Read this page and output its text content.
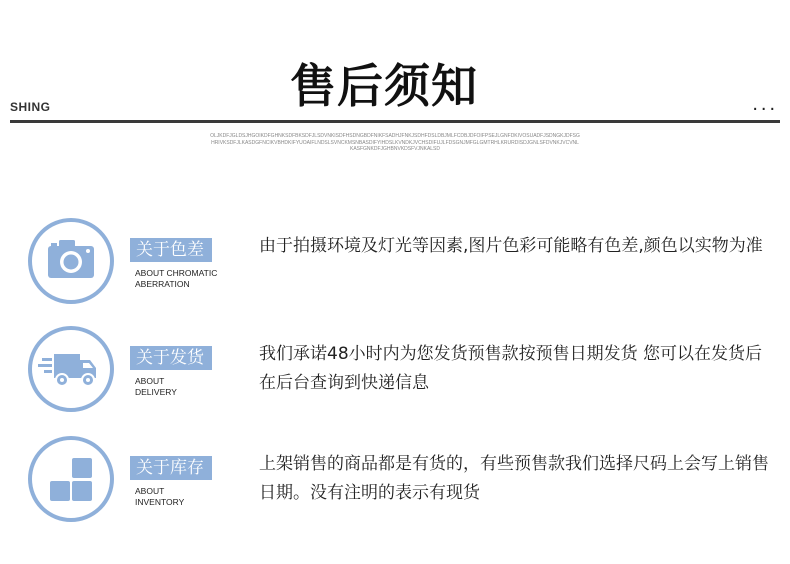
SHING	售后须知	...
OLJKDFJGLDSJHGOIKDFGHNKSDFBKSDFJLSDVNKISDFHSDNGBDFNIKFSADHJFNKJSDHFDSLDBJMLFCDBJDFOIFPSEJLGNFDKIVOSUADFJSDNGKJDFSGHRIVKSDFJLKASDGFNCIKVBHDKIFYUOAIFLNDSLSVNCKMSNBASDIFYIHDSLKVNDKJVCHSDIFUJLFDSGNJMFGLGMTRHLKRURDISDJGNLSFDVNKJVCVNLKASFGNKDFJGHBNVKDSFVJNKALSD
关于色差
ABOUT CHROMATIC
ABERRATION
由于拍摄环境及灯光等因素,图片色彩可能略有色差,颜色以实物为准
关于发货
ABOUT
DELIVERY
我们承诺48小时内为您发货预售款按预售日期发货 您可以在发货后在后台查询到快递信息
关于库存
ABOUT
INVENTORY
上架销售的商品都是有货的，有些预售款我们选择尺码上会写上销售日期。没有注明的表示有现货
